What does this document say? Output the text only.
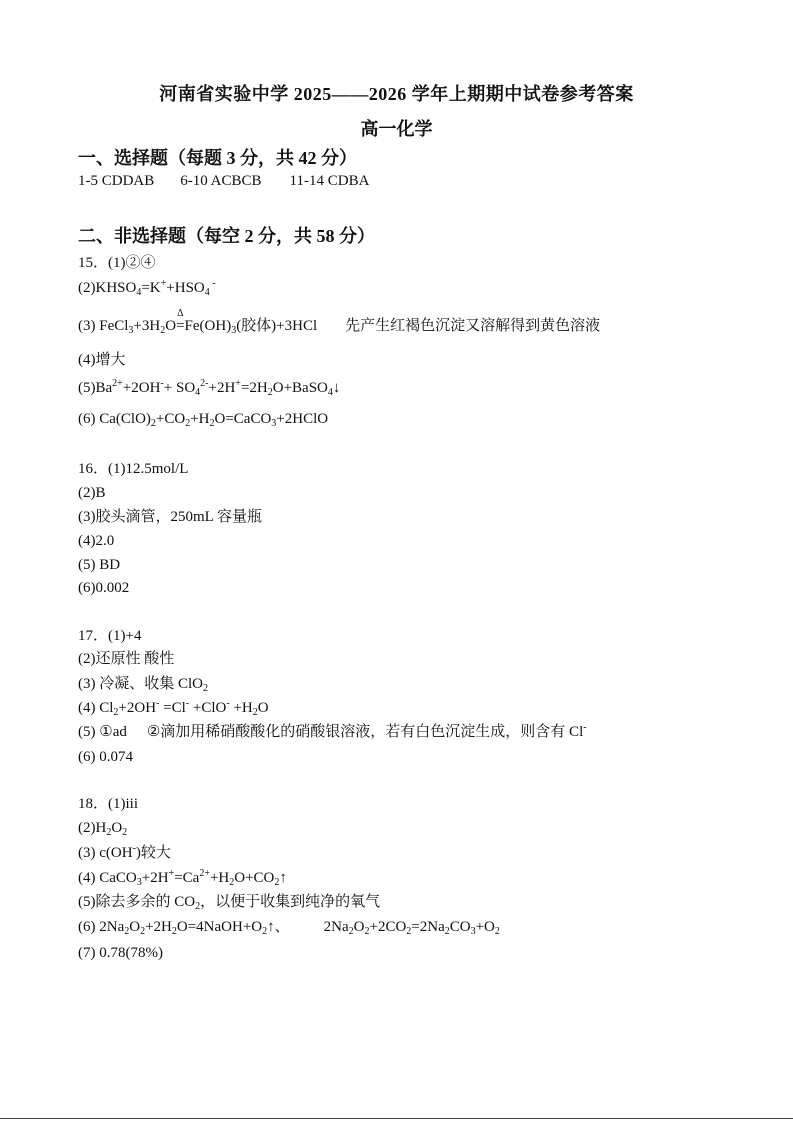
河南省实验中学 2025——2026 学年上期期中试卷参考答案
高一化学
一、选择题（每题 3 分，共 42 分）
1-5 CDDAB 6-10 ACBCB 11-14 CDBA
二、非选择题（每空 2 分，共 58 分）
15．(1)②④
$(2)KHSO_4=K^++HSO_4$ -
(3) $FeCl_3+3H_2O$
Δ
$=Fe(OH)_3$(胶体)+3HCl 先产生红褐色沉淀又溶解得到黄色溶液
(4)增大
$(5)Ba^{2+}+2OH^-+$ $SO_4^{2-}+2H^+=2H_2O+BaSO_4↓$
(6) $Ca(ClO)_2+CO_2+H_2O=CaCO_3+2HClO$
16．(1)12.5mol/L
(2)B
(3)胶头滴管，250mL 容量瓶
(4)2.0
(5) BD
(6)0.002
17．(1)+4
(2)还原性 酸性
(3) 冷凝、收集 ClO$_2$
(4) $Cl_2+2OH^- =Cl^- +ClO^- +H_2O$
(5) ①ad ②滴加用稀硝酸酸化的硝酸银溶液，若有白色沉淀生成，则含有 Cl-
(6) 0.074
18．(1)iii
$(2)H_2O_2$
(3) c(OH-)较大
(4) $CaCO_3+2H^+=Ca^{2+}+H_2O+CO_2↑$
(5)除去多余的 $CO_2$，以便于收集到纯净的氧气
(6) $2Na_2O_2+2H_2O=4NaOH+O_2↑$、 $2Na_2O_2+2CO_2=2Na_2CO_3+O_2$
(7) 0.78(78%)
